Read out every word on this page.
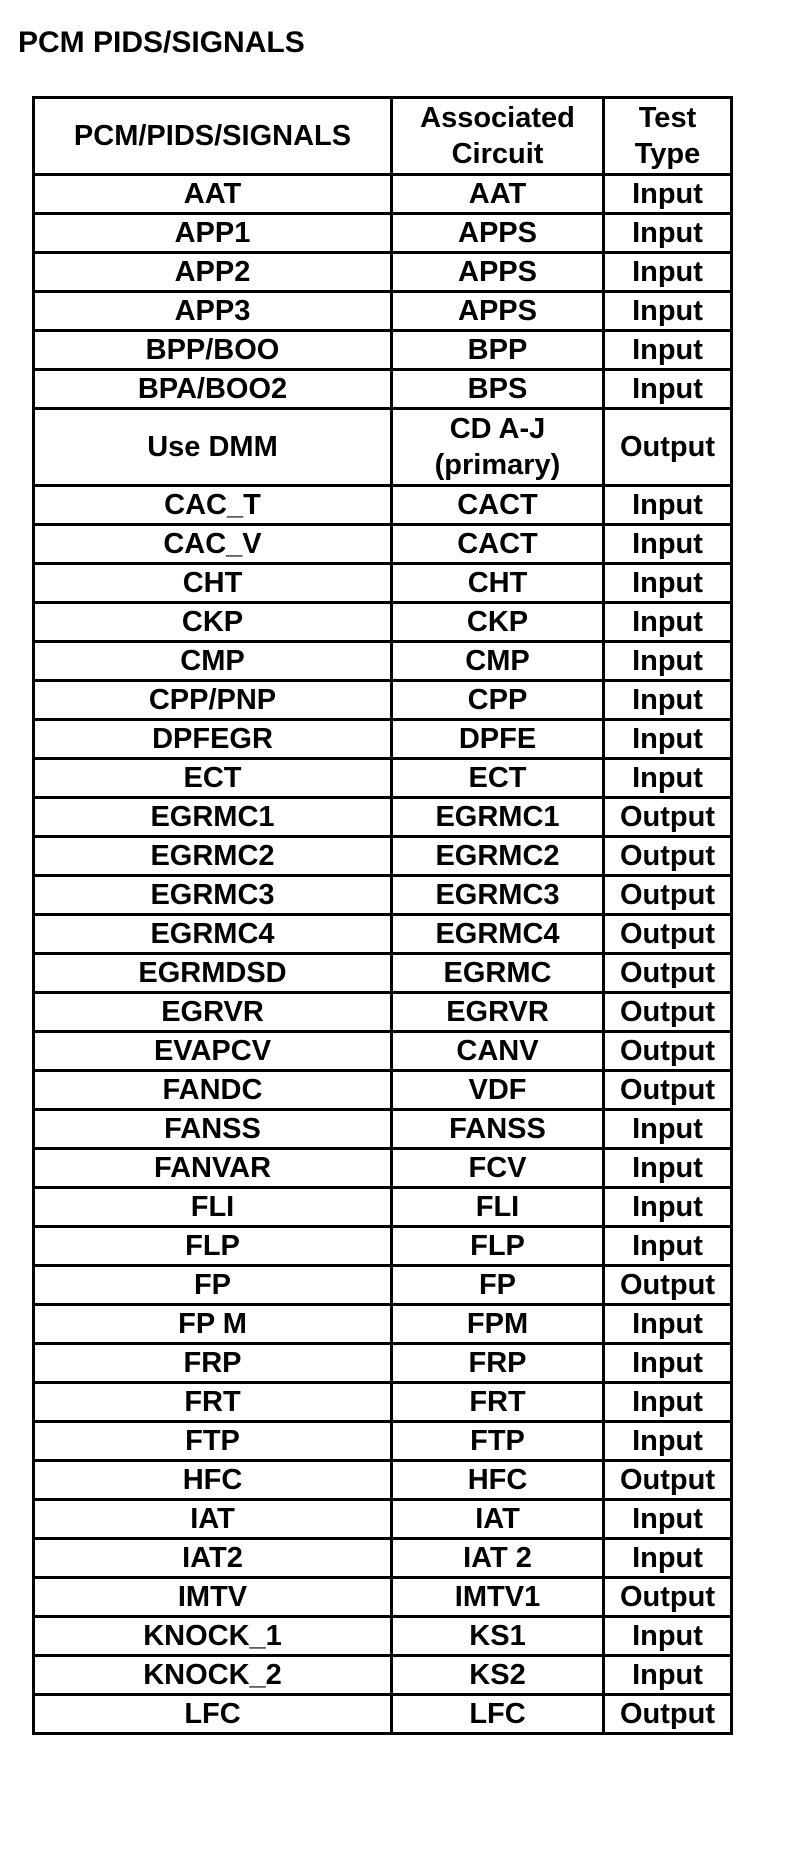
PCM PIDS/SIGNALS
PCM/PIDS/SIGNALS	Associated Circuit	Test Type
AAT	AAT	Input
APP1	APPS	Input
APP2	APPS	Input
APP3	APPS	Input
BPP/BOO	BPP	Input
BPA/BOO2	BPS	Input
Use DMM	CD A-J (primary)	Output
CAC_T	CACT	Input
CAC_V	CACT	Input
CHT	CHT	Input
CKP	CKP	Input
CMP	CMP	Input
CPP/PNP	CPP	Input
DPFEGR	DPFE	Input
ECT	ECT	Input
EGRMC1	EGRMC1	Output
EGRMC2	EGRMC2	Output
EGRMC3	EGRMC3	Output
EGRMC4	EGRMC4	Output
EGRMDSD	EGRMC	Output
EGRVR	EGRVR	Output
EVAPCV	CANV	Output
FANDC	VDF	Output
FANSS	FANSS	Input
FANVAR	FCV	Input
FLI	FLI	Input
FLP	FLP	Input
FP	FP	Output
FP M	FPM	Input
FRP	FRP	Input
FRT	FRT	Input
FTP	FTP	Input
HFC	HFC	Output
IAT	IAT	Input
IAT2	IAT 2	Input
IMTV	IMTV1	Output
KNOCK_1	KS1	Input
KNOCK_2	KS2	Input
LFC	LFC	Output
